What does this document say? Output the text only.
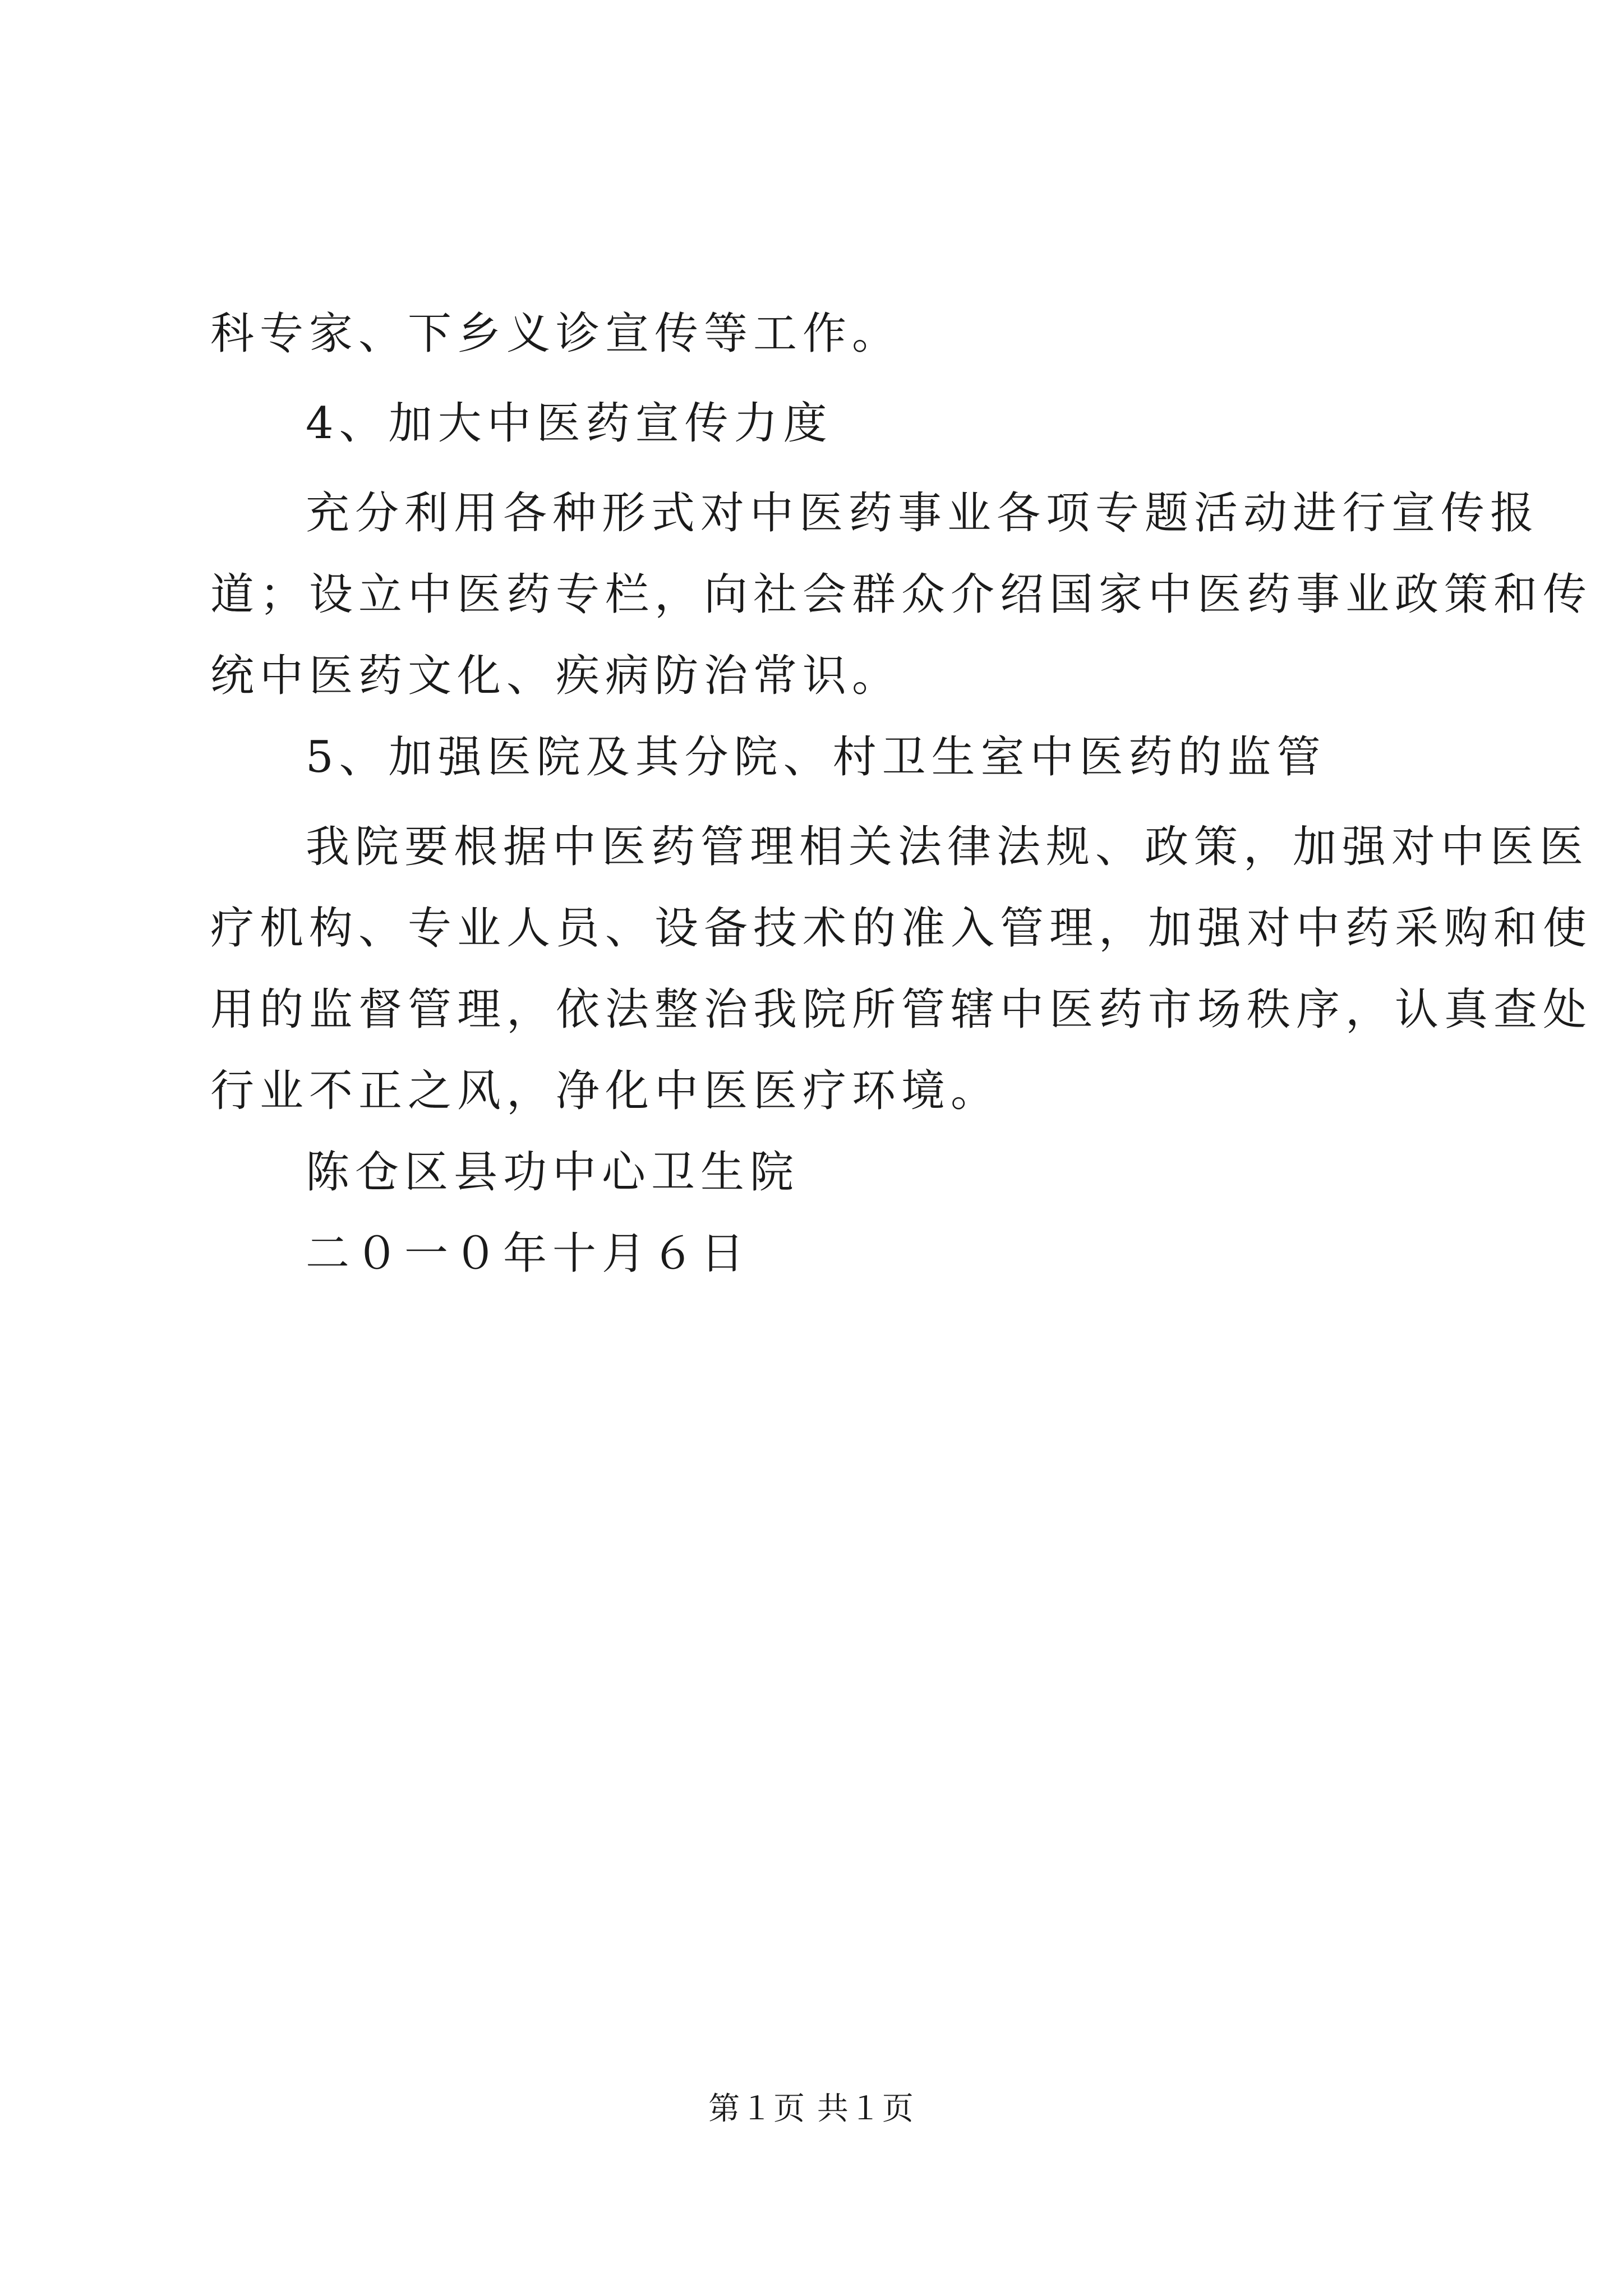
科专家、下乡义诊宣传等工作。
4、加大中医药宣传力度
充分利用各种形式对中医药事业各项专题活动进行宣传报
道；设立中医药专栏，向社会群众介绍国家中医药事业政策和传
统中医药文化、疾病防治常识。
5、加强医院及其分院、村卫生室中医药的监管
我院要根据中医药管理相关法律法规、政策，加强对中医医
疗机构、专业人员、设备技术的准入管理，加强对中药采购和使
用的监督管理，依法整治我院所管辖中医药市场秩序，认真查处
行业不正之风，净化中医医疗环境。
陈仓区县功中心卫生院
二０一０年十月６日
第１页 共１页
